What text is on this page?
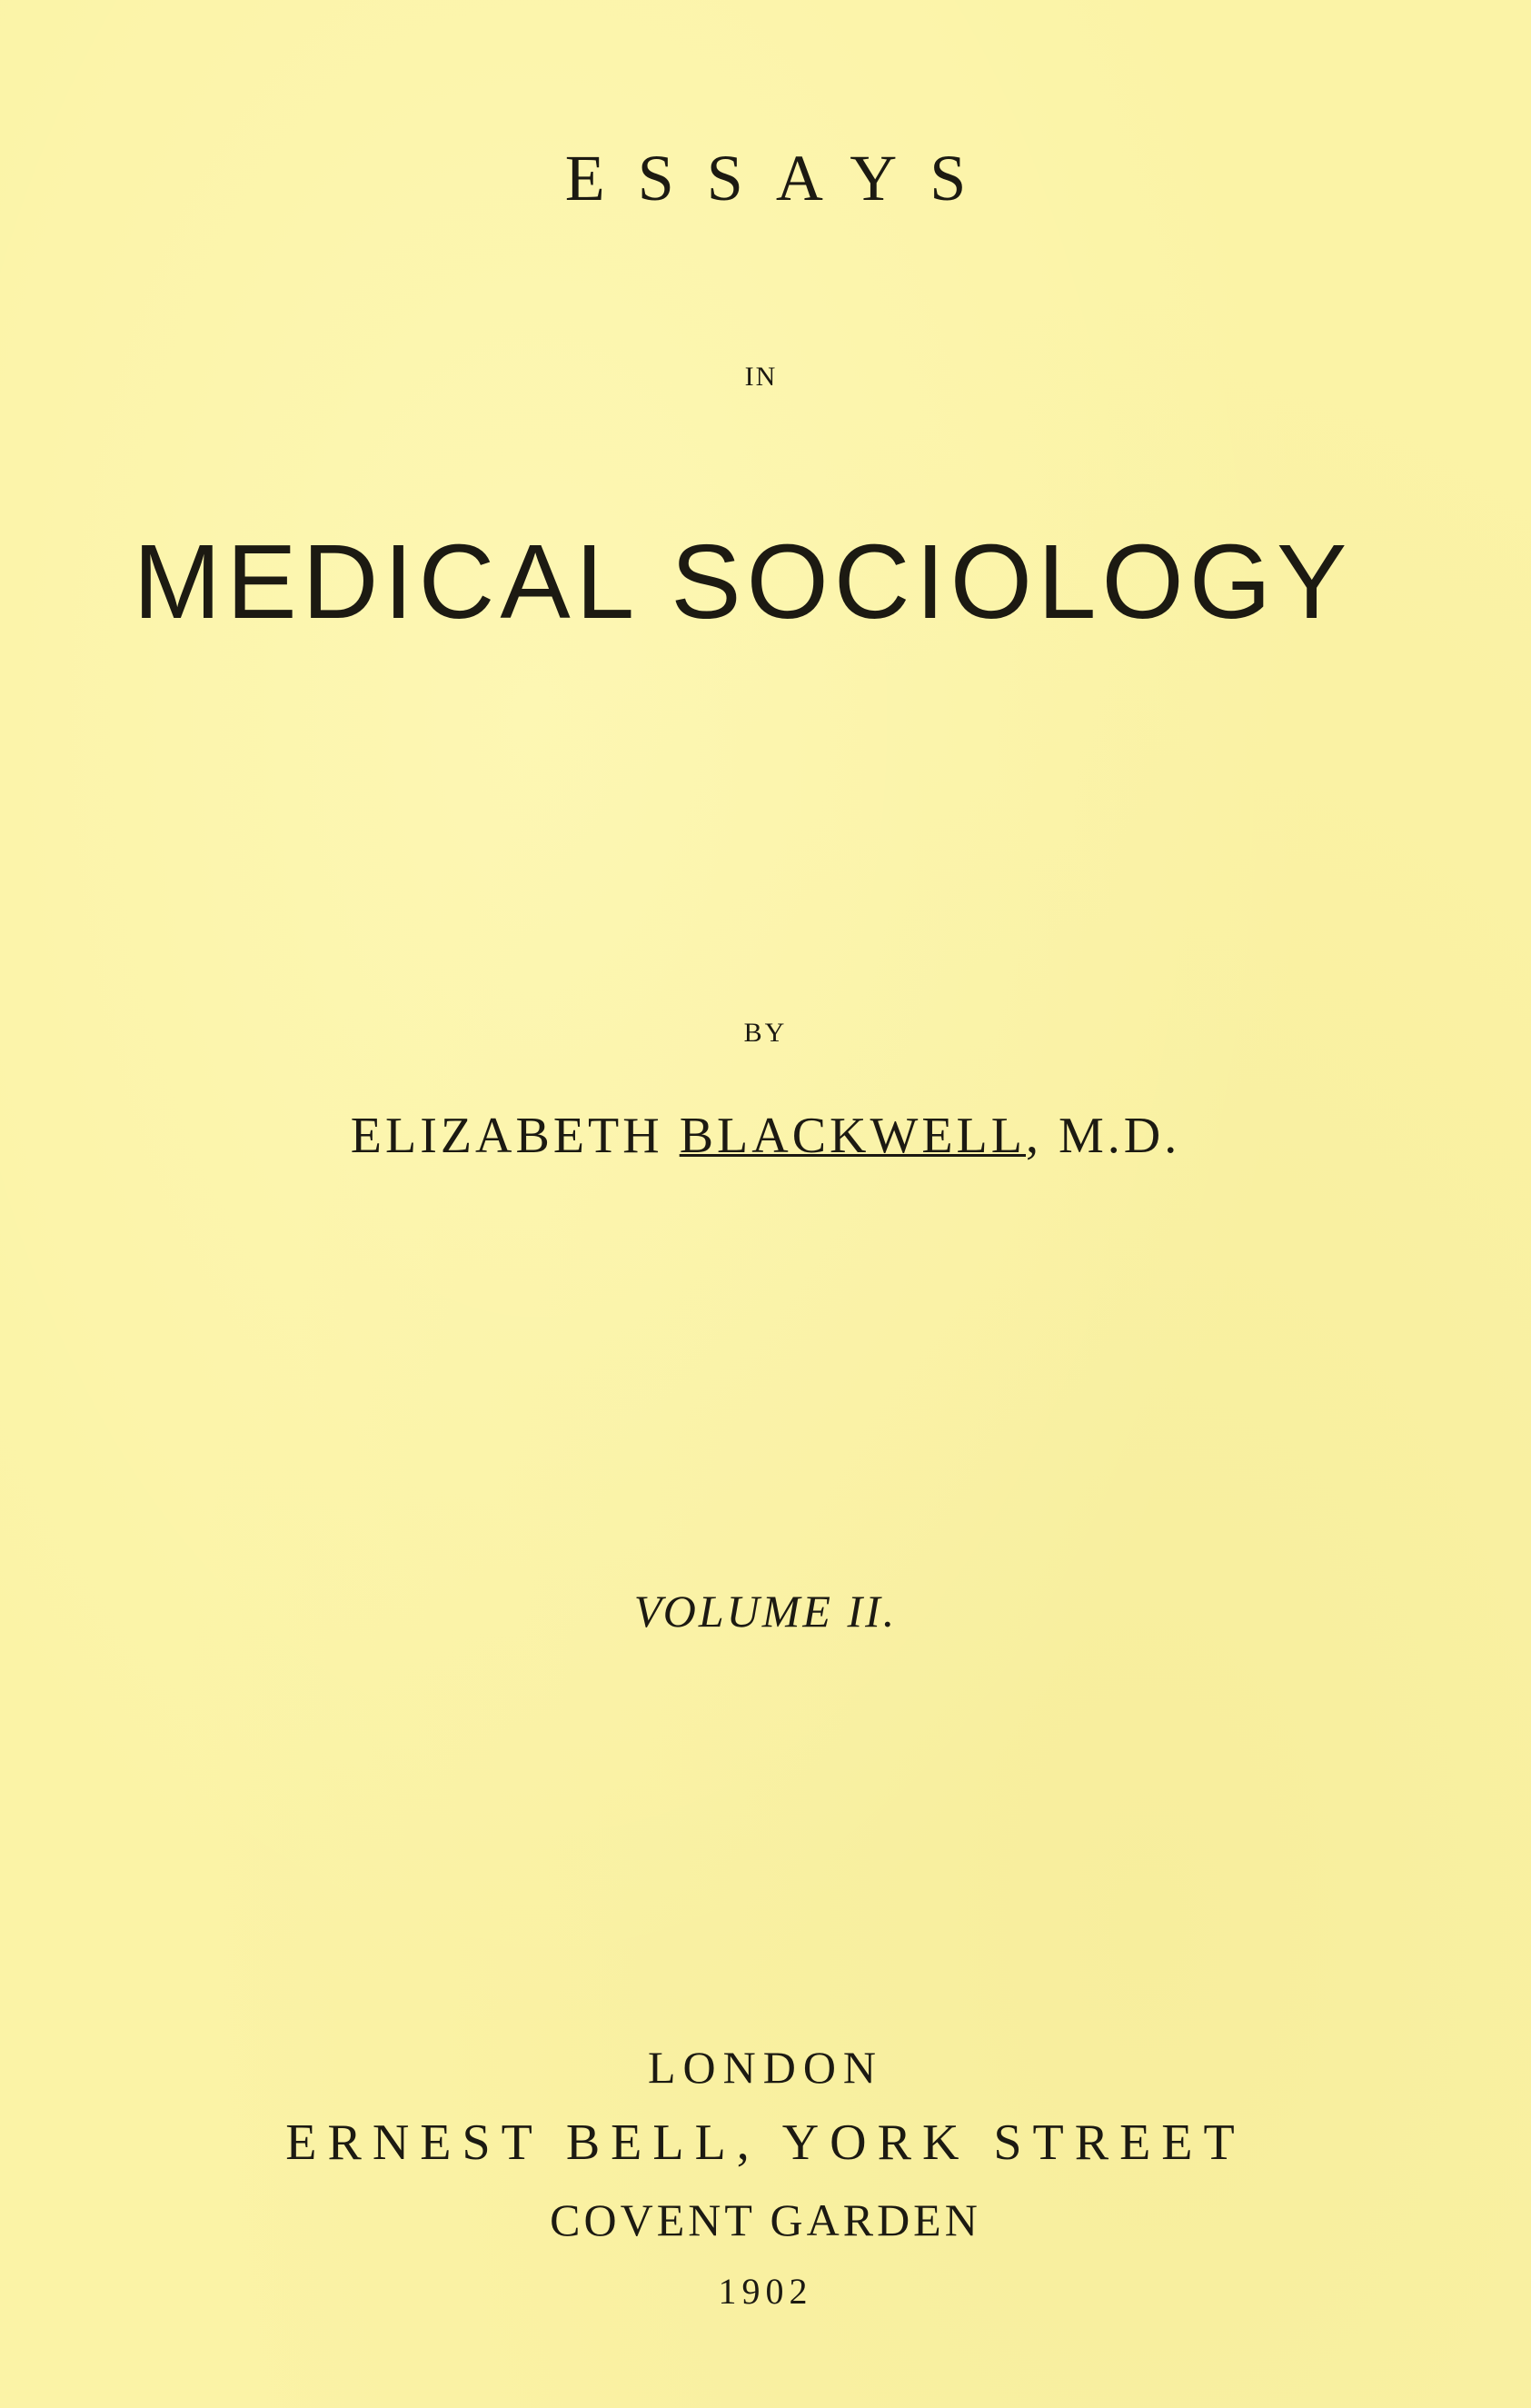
ESSAYS
IN
MEDICAL SOCIOLOGY
BY
ELIZABETH BLACKWELL, M.D.
VOLUME II.
LONDON
ERNEST BELL, YORK STREET
COVENT GARDEN
1902
